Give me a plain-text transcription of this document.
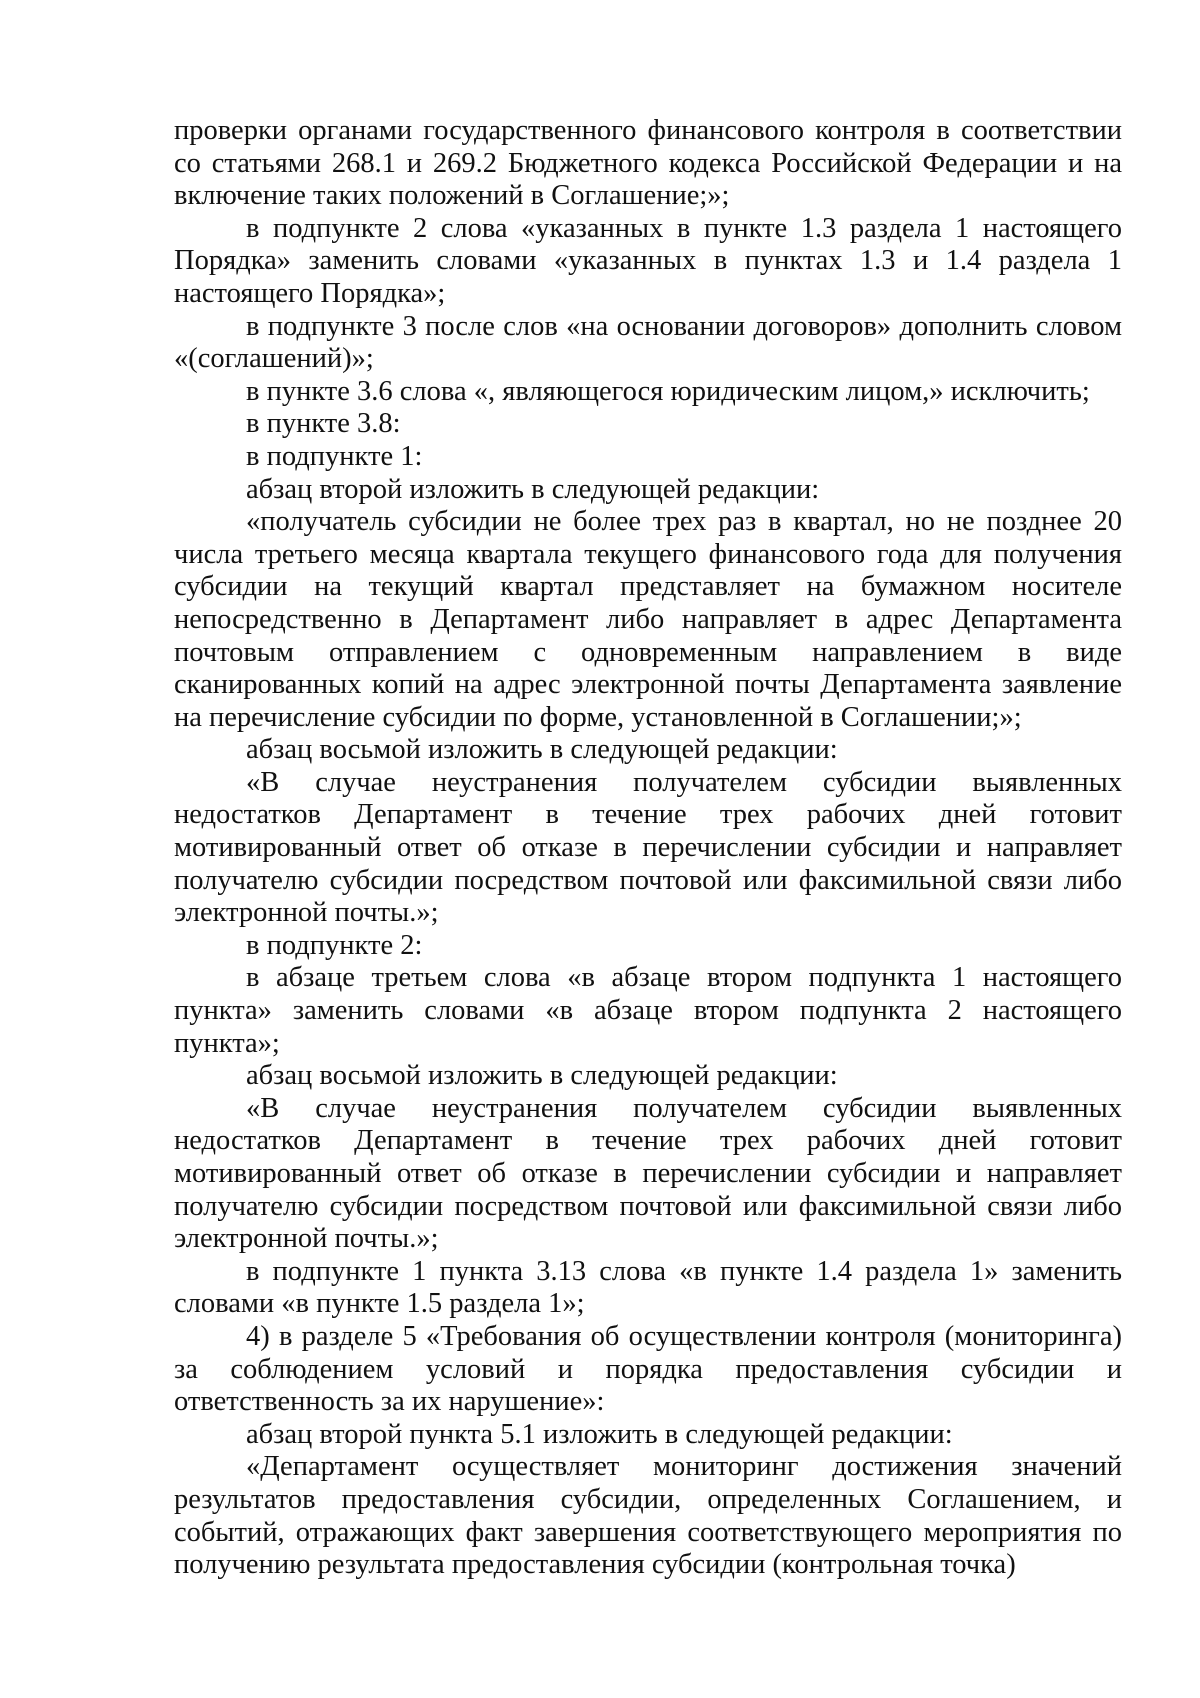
проверки органами государственного финансового контроля в соответствии со статьями 268.1 и 269.2 Бюджетного кодекса Российской Федерации и на включение таких положений в Соглашение;»;

в подпункте 2 слова «указанных в пункте 1.3 раздела 1 настоящего Порядка» заменить словами «указанных в пунктах 1.3 и 1.4 раздела 1 настоящего Порядка»;

в подпункте 3 после слов «на основании договоров» дополнить словом «(соглашений)»;

в пункте 3.6 слова «, являющегося юридическим лицом,» исключить;

в пункте 3.8:

в подпункте 1:

абзац второй изложить в следующей редакции:

«получатель субсидии не более трех раз в квартал, но не позднее 20 числа третьего месяца квартала текущего финансового года для получения субсидии на текущий квартал представляет на бумажном носителе непосредственно в Департамент либо направляет в адрес Департамента почтовым отправлением с одновременным направлением в виде сканированных копий на адрес электронной почты Департамента заявление на перечисление субсидии по форме, установленной в Соглашении;»;

абзац восьмой изложить в следующей редакции:

«В случае неустранения получателем субсидии выявленных недостатков Департамент в течение трех рабочих дней готовит мотивированный ответ об отказе в перечислении субсидии и направляет получателю субсидии посредством почтовой или факсимильной связи либо электронной почты.»;

в подпункте 2:

в абзаце третьем слова «в абзаце втором подпункта 1 настоящего пункта» заменить словами «в абзаце втором подпункта 2 настоящего пункта»;

абзац восьмой изложить в следующей редакции:

«В случае неустранения получателем субсидии выявленных недостатков Департамент в течение трех рабочих дней готовит мотивированный ответ об отказе в перечислении субсидии и направляет получателю субсидии посредством почтовой или факсимильной связи либо электронной почты.»;

в подпункте 1 пункта 3.13 слова «в пункте 1.4 раздела 1» заменить словами «в пункте 1.5 раздела 1»;

4) в разделе 5 «Требования об осуществлении контроля (мониторинга) за соблюдением условий и порядка предоставления субсидии и ответственность за их нарушение»:

абзац второй пункта 5.1 изложить в следующей редакции:

«Департамент осуществляет мониторинг достижения значений результатов предоставления субсидии, определенных Соглашением, и событий, отражающих факт завершения соответствующего мероприятия по получению результата предоставления субсидии (контрольная точка)
